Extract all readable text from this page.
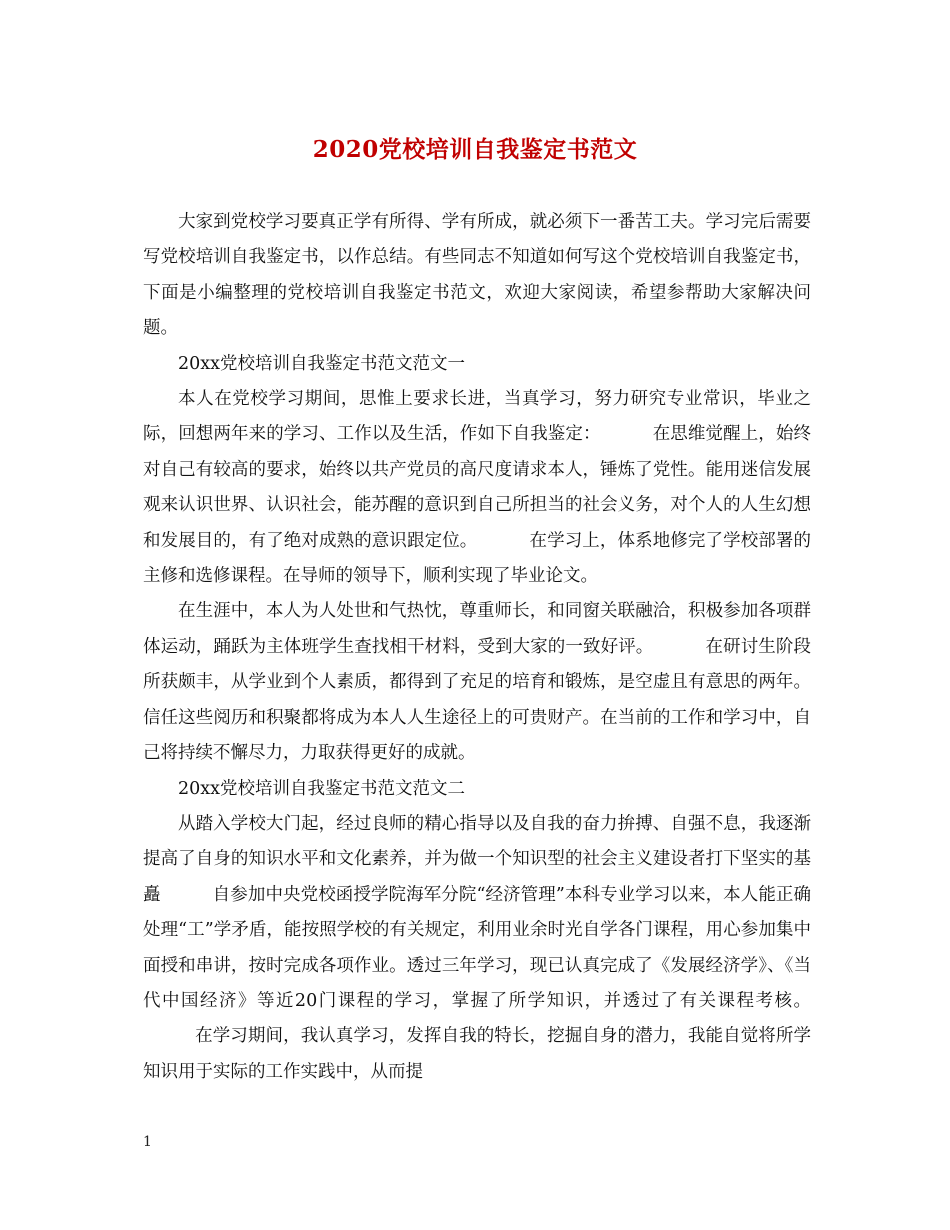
2020党校培训自我鉴定书范文

大家到党校学习要真正学有所得、学有所成，就必须下一番苦工夫。学习完后需要写党校培训自我鉴定书，以作总结。有些同志不知道如何写这个党校培训自我鉴定书，下面是小编整理的党校培训自我鉴定书范文，欢迎大家阅读，希望参帮助大家解决问题。

20xx党校培训自我鉴定书范文范文一

本人在党校学习期间，思惟上要求长进，当真学习，努力研究专业常识，毕业之际，回想两年来的学习、工作以及生活，作如下自我鉴定：	在思维觉醒上，始终对自己有较高的要求，始终以共产党员的高尺度请求本人，锤炼了党性。能用迷信发展观来认识世界、认识社会，能苏醒的意识到自己所担当的社会义务，对个人的人生幻想和发展目的，有了绝对成熟的意识跟定位。	在学习上，体系地修完了学校部署的主修和选修课程。在导师的领导下，顺利实现了毕业论文。

在生涯中，本人为人处世和气热忱，尊重师长，和同窗关联融洽，积极参加各项群体运动，踊跃为主体班学生查找相干材料，受到大家的一致好评。	在研讨生阶段所获颇丰，从学业到个人素质，都得到了充足的培育和锻炼，是空虚且有意思的两年。信任这些阅历和积聚都将成为本人人生途径上的可贵财产。在当前的工作和学习中，自己将持续不懈尽力，力取获得更好的成就。

20xx党校培训自我鉴定书范文范文二

从踏入学校大门起，经过良师的精心指导以及自我的奋力拚搏、自强不息，我逐渐提高了自身的知识水平和文化素养，并为做一个知识型的社会主义建设者打下坚实的基矗	自参加中央党校函授学院海军分院“经济管理”本科专业学习以来，本人能正确处理“工”学矛盾，能按照学校的有关规定，利用业余时光自学各门课程，用心参加集中面授和串讲，按时完成各项作业。透过三年学习，现已认真完成了《发展经济学》、《当代中国经济》等近20门课程的学习，掌握了所学知识，并透过了有关课程考核。在学习期间，我认真学习，发挥自我的特长，挖掘自身的潜力，我能自觉将所学知识用于实际的工作实践中，从而提

1
